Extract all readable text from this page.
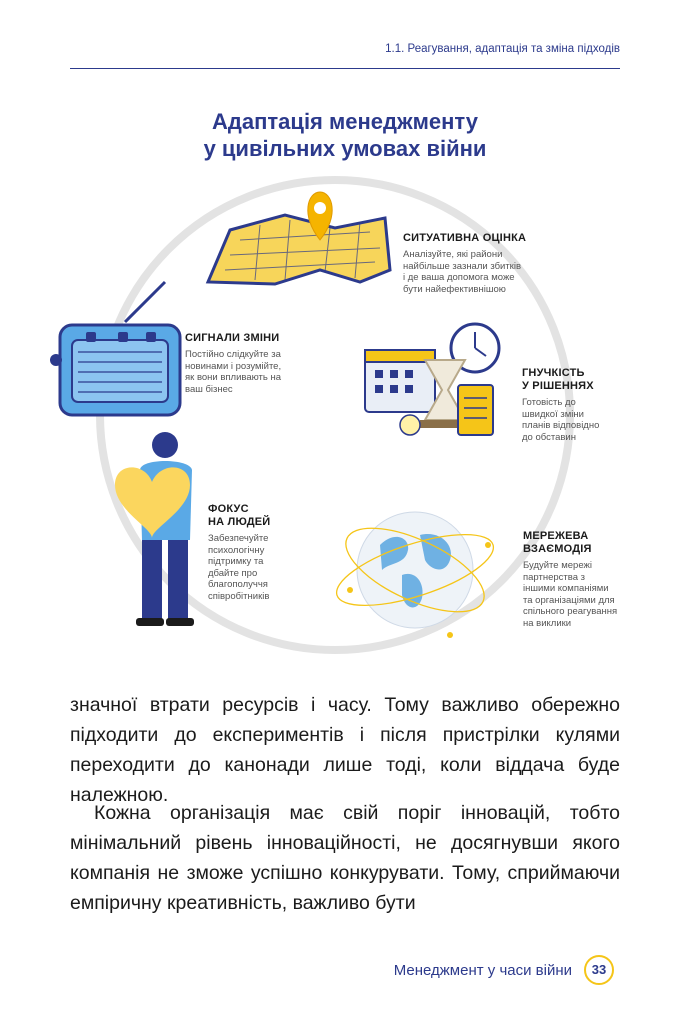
1.1. Реагування, адаптація та зміна підходів
Адаптація менеджменту
у цивільних умовах війни
СИТУАТИВНА ОЦІНКА
Аналізуйте, які райони
найбільше зазнали збитків
і де ваша допомога може
бути найефективнішою
СИГНАЛИ ЗМІНИ
Постійно слідкуйте за
новинами і розумійте,
як вони впливають на
ваш бізнес
ГНУЧКІСТЬ
У РІШЕННЯХ
Готовість до
швидкої зміни
планів відповідно
до обставин
ФОКУС
НА ЛЮДЕЙ
Забезпечуйте
психологічну
підтримку та
дбайте про
благополуччя
співробітників
МЕРЕЖЕВА
ВЗАЄМОДІЯ
Будуйте мережі
партнерства з
іншими компаніями
та організаціями для
спільного реагування
на виклики
значної втрати ресурсів і часу. Тому важливо обережно підходити до експериментів і після пристрілки кулями переходити до канонади лише тоді, коли віддача буде належною.
Кожна організація має свій поріг інновацій, тобто мінімальний рівень інноваційності, не досягнувши якого компанія не зможе успішно конкурувати. Тому, сприймаючи емпіричну креативність, важливо бути
Менеджмент у часи війни	33
